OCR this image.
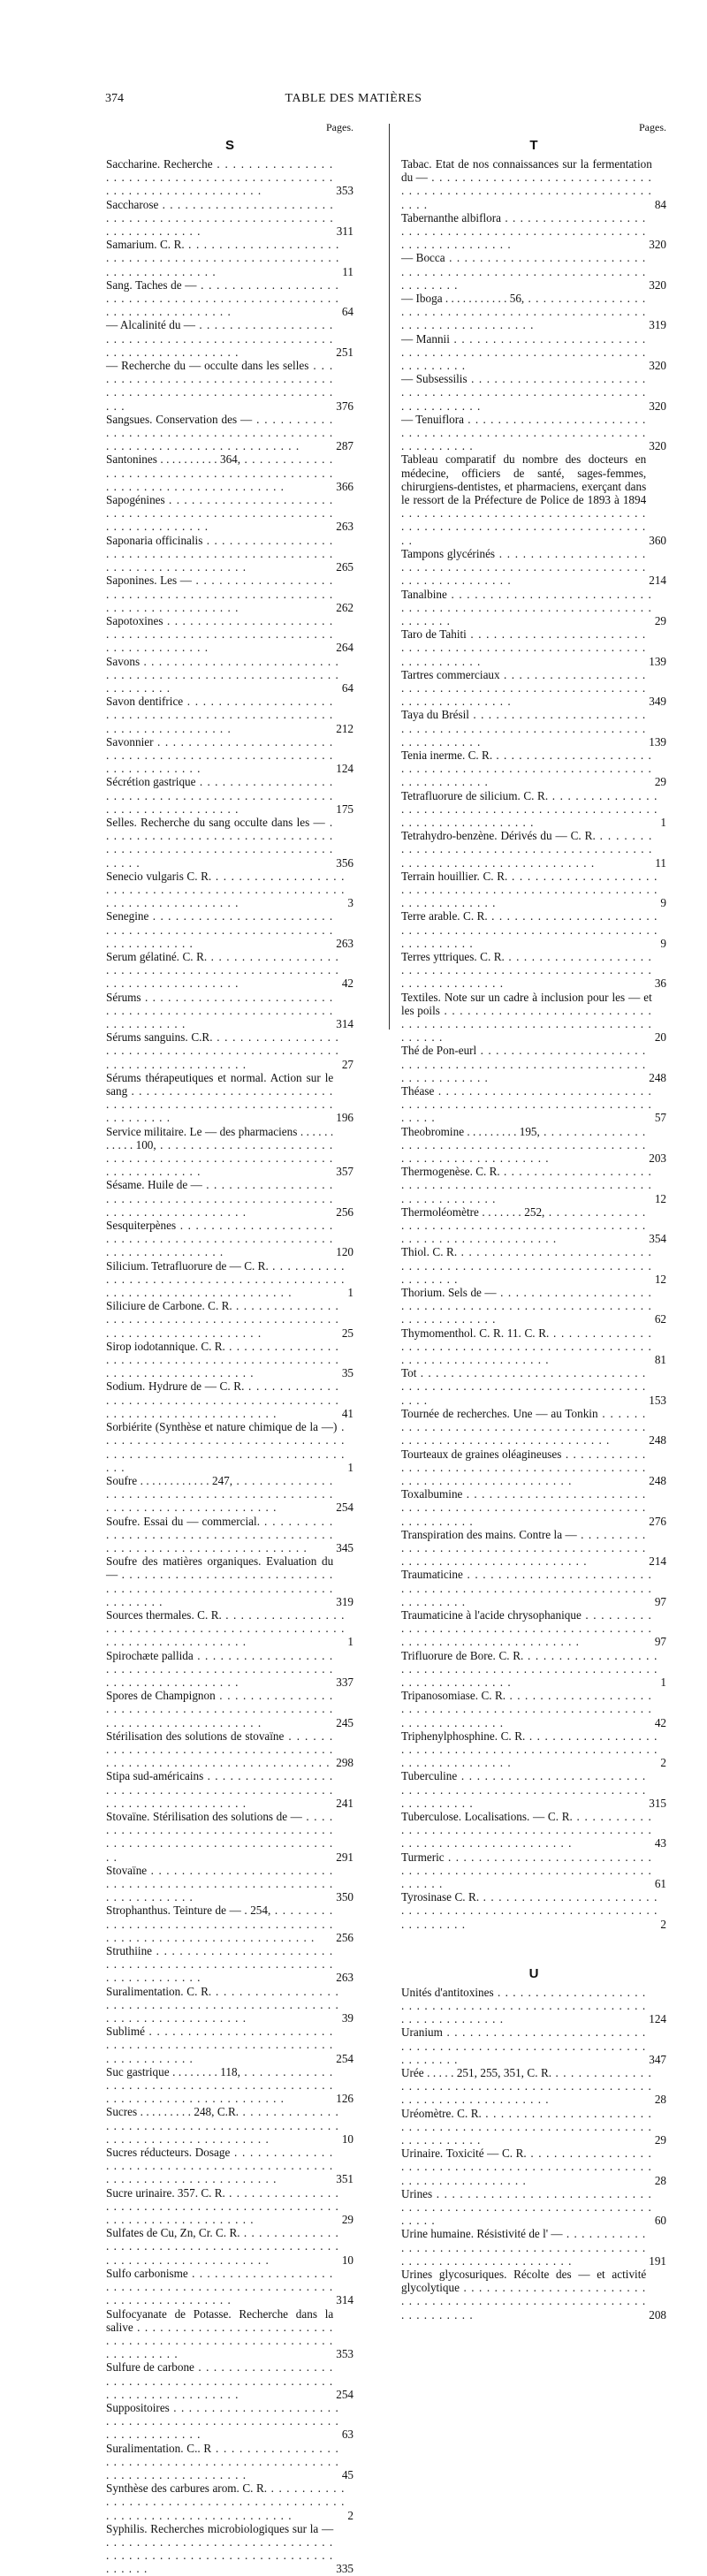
374	TABLE DES MATIÈRES
Pages.
S
Saccharine. Recherche . . .
353
Saccharose . . .
311
Samarium. C. R. . . .
11
Sang. Taches de — . . .
64
— Alcalinité du — . . .
251
— Recherche du — occulte dans les selles . . .
376
Sangsues. Conservation des — . . .
287
Santonines . . . . . . . . . . 364, . . .
366
Sapogénines . . .
263
Saponaria officinalis . . .
265
Saponines. Les — . . .
262
Sapotoxines . . .
264
Savons . . .
64
Savon dentifrice . . .
212
Savonnier . . .
124
Sécrétion gastrique . . .
175
Selles. Recherche du sang occulte dans les — . . .
356
Senecio vulgaris C. R. . . .
3
Senegine . . .
263
Serum gélatiné. C. R. . . .
42
Sérums . . .
314
Sérums sanguins. C.R. . . .
27
Sérums thérapeutiques et normal. Action sur le sang . . .
196
Service militaire. Le — des pharmaciens . . . . . . . . . . . 100, . . .
357
Sésame. Huile de — . . .
256
Sesquiterpènes . . .
120
Silicium. Tetrafluorure de — C. R. . . .
1
Siliciure de Carbone. C. R. . . .
25
Sirop iodotannique. C. R. . . .
35
Sodium. Hydrure de — C. R. . . .
41
Sorbiérite (Synthèse et nature chimique de la —) . . .
1
Soufre . . . . . . . . . . . . 247, . . .
254
Soufre. Essai du — commercial. . . .
345
Soufre des matières organiques. Evaluation du — . . .
319
Sources thermales. C. R. . . .
1
Spirochæte pallida . . .
337
Spores de Champignon . . .
245
Stérilisation des solutions de stovaïne . . .
298
Stipa sud-américains . . .
241
Stovaïne. Stérilisation des solutions de — . . .
291
Stovaïne . . .
350
Strophanthus. Teinture de — . 254, . . .
256
Struthiine . . .
263
Suralimentation. C. R. . . .
39
Sublimé . . .
254
Suc gastrique . . . . . . . . 118, . . .
126
Sucres . . . . . . . . . 248, C.R. . . .
10
Sucres réducteurs. Dosage . . .
351
Sucre urinaire. 357. C. R. . . .
29
Sulfates de Cu, Zn, Cr. C. R. . . .
10
Sulfo carbonisme . . .
314
Sulfocyanate de Potasse. Recherche dans la salive . . .
353
Sulfure de carbone . . .
254
Suppositoires . . .
63
Suralimentation. C.. R . . .
45
Synthèse des carbures arom. C. R. . . .
2
Syphilis. Recherches microbiologiques sur la — . . .
335
Pages.
T
Tabac. Etat de nos connaissances sur la fermentation du — . . .
84
Tabernanthe albiflora . . .
320
— Bocca . . .
320
— Iboga . . . . . . . . . . . 56, . . .
319
— Mannii . . .
320
— Subsessilis . . .
320
— Tenuiflora . . .
320
Tableau comparatif du nombre des docteurs en médecine, officiers de santé, sages-femmes, chirurgiens-dentistes, et pharmaciens, exerçant dans le ressort de la Préfecture de Police de 1893 à 1894 . . .
360
Tampons glycérinés . . .
214
Tanalbine . . .
29
Taro de Tahiti . . .
139
Tartres commerciaux . . .
349
Taya du Brésil . . .
139
Tenia inerme. C. R. . . .
29
Tetrafluorure de silicium. C. R. . . .
1
Tetrahydro-benzène. Dérivés du — C. R. . . .
11
Terrain houillier. C. R. . . .
9
Terre arable. C. R. . . .
9
Terres yttriques. C. R. . . .
36
Textiles. Note sur un cadre à inclusion pour les — et les poils . . .
20
Thé de Pon-eurl . . .
248
Théase . . .
57
Theobromine . . . . . . . . . 195, . . .
203
Thermogenèse. C. R. . . .
12
Thermoléomètre . . . . . . . 252, . . .
354
Thiol. C. R. . . .
12
Thorium. Sels de — . . .
62
Thymomenthol. C. R. 11. C. R. . . .
81
Tot . . .
153
Tournée de recherches. Une — au Tonkin . . .
248
Tourteaux de graines oléagineuses . . .
248
Toxalbumine . . .
276
Transpiration des mains. Contre la — . . .
214
Traumaticine . . .
97
Traumaticine à l'acide chrysophanique . . .
97
Trifluorure de Bore. C. R. . . .
1
Tripanosomiase. C. R. . . .
42
Triphenylphosphine. C. R. . . .
2
Tuberculine . . .
315
Tuberculose. Localisations. — C. R. . . .
43
Turmeric . . .
61
Tyrosinase C. R. . . .
2
U
Unités d'antitoxines . . .
124
Uranium . . .
347
Urée . . . . . 251, 255, 351, C. R. . . .
28
Uréomètre. C. R. . . .
29
Urinaire. Toxicité — C. R. . . .
28
Urines . . .
60
Urine humaine. Résistivité de l' — . . .
191
Urines glycosuriques. Récolte des — et activité glycolytique . . .
208
